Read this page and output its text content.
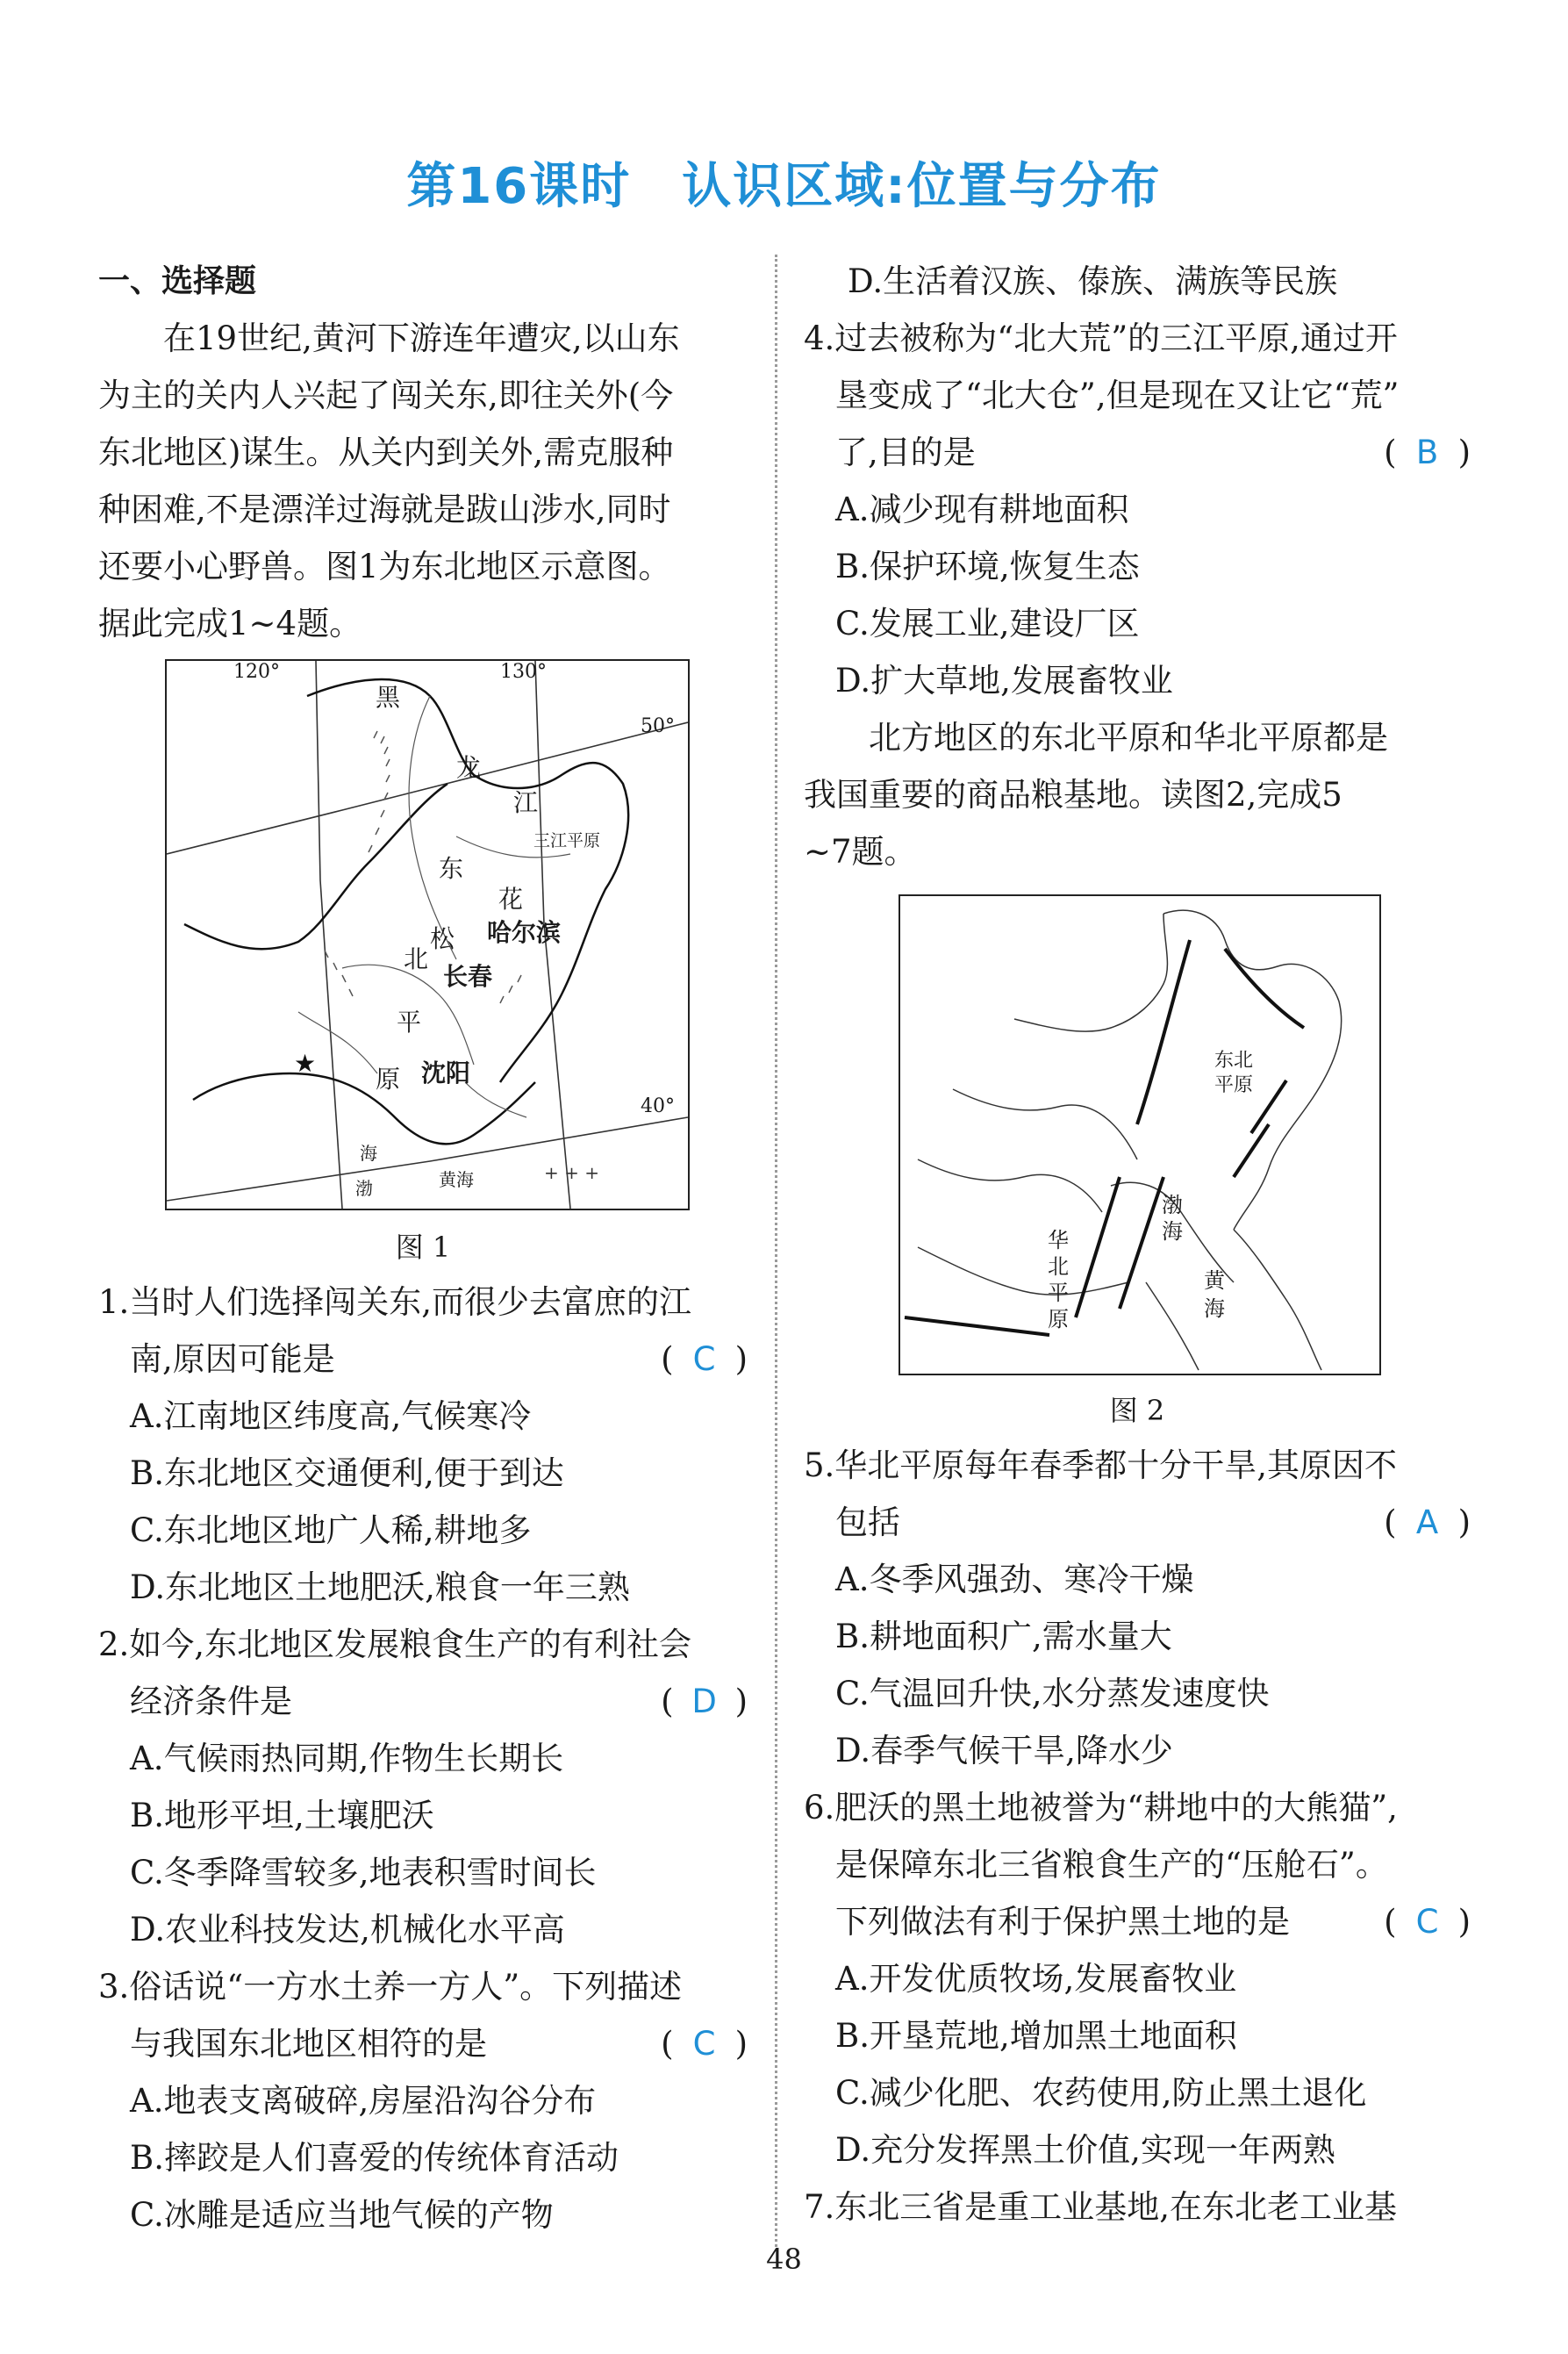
第16课时　认识区域:位置与分布
一、选择题
在19世纪,黄河下游连年遭灾,以山东
为主的关内人兴起了闯关东,即往关外(今
东北地区)谋生。从关内到关外,需克服种
种困难,不是漂洋过海就是跋山涉水,同时
还要小心野兽。图1为东北地区示意图。
据此完成1~4题。
★
+ + +
120°	130°
50°
40°
黑
龙
江
三江平原
东
花
哈尔滨
松
北
长春
平
原 沈阳
渤
海
黄海
图 1
1.当时人们选择闯关东,而很少去富庶的江
南,原因可能是	( C )
A.江南地区纬度高,气候寒冷
B.东北地区交通便利,便于到达
C.东北地区地广人稀,耕地多
D.东北地区土地肥沃,粮食一年三熟
2.如今,东北地区发展粮食生产的有利社会
经济条件是	( D )
A.气候雨热同期,作物生长期长
B.地形平坦,土壤肥沃
C.冬季降雪较多,地表积雪时间长
D.农业科技发达,机械化水平高
3.俗话说“一方水土养一方人”。下列描述
与我国东北地区相符的是	( C )
A.地表支离破碎,房屋沿沟谷分布
B.摔跤是人们喜爱的传统体育活动
C.冰雕是适应当地气候的产物
D.生活着汉族、傣族、满族等民族
4.过去被称为“北大荒”的三江平原,通过开
垦变成了“北大仓”,但是现在又让它“荒”
了,目的是	( B )
A.减少现有耕地面积
B.保护环境,恢复生态
C.发展工业,建设厂区
D.扩大草地,发展畜牧业
北方地区的东北平原和华北平原都是
我国重要的商品粮基地。读图2,完成5
~7题。
东北
平原
华
北
平
原
渤
海
黄
海
图 2
5.华北平原每年春季都十分干旱,其原因不
包括	( A )
A.冬季风强劲、寒冷干燥
B.耕地面积广,需水量大
C.气温回升快,水分蒸发速度快
D.春季气候干旱,降水少
6.肥沃的黑土地被誉为“耕地中的大熊猫”,
是保障东北三省粮食生产的“压舱石”。
下列做法有利于保护黑土地的是	( C )
A.开发优质牧场,发展畜牧业
B.开垦荒地,增加黑土地面积
C.减少化肥、农药使用,防止黑土退化
D.充分发挥黑土价值,实现一年两熟
7.东北三省是重工业基地,在东北老工业基
48
